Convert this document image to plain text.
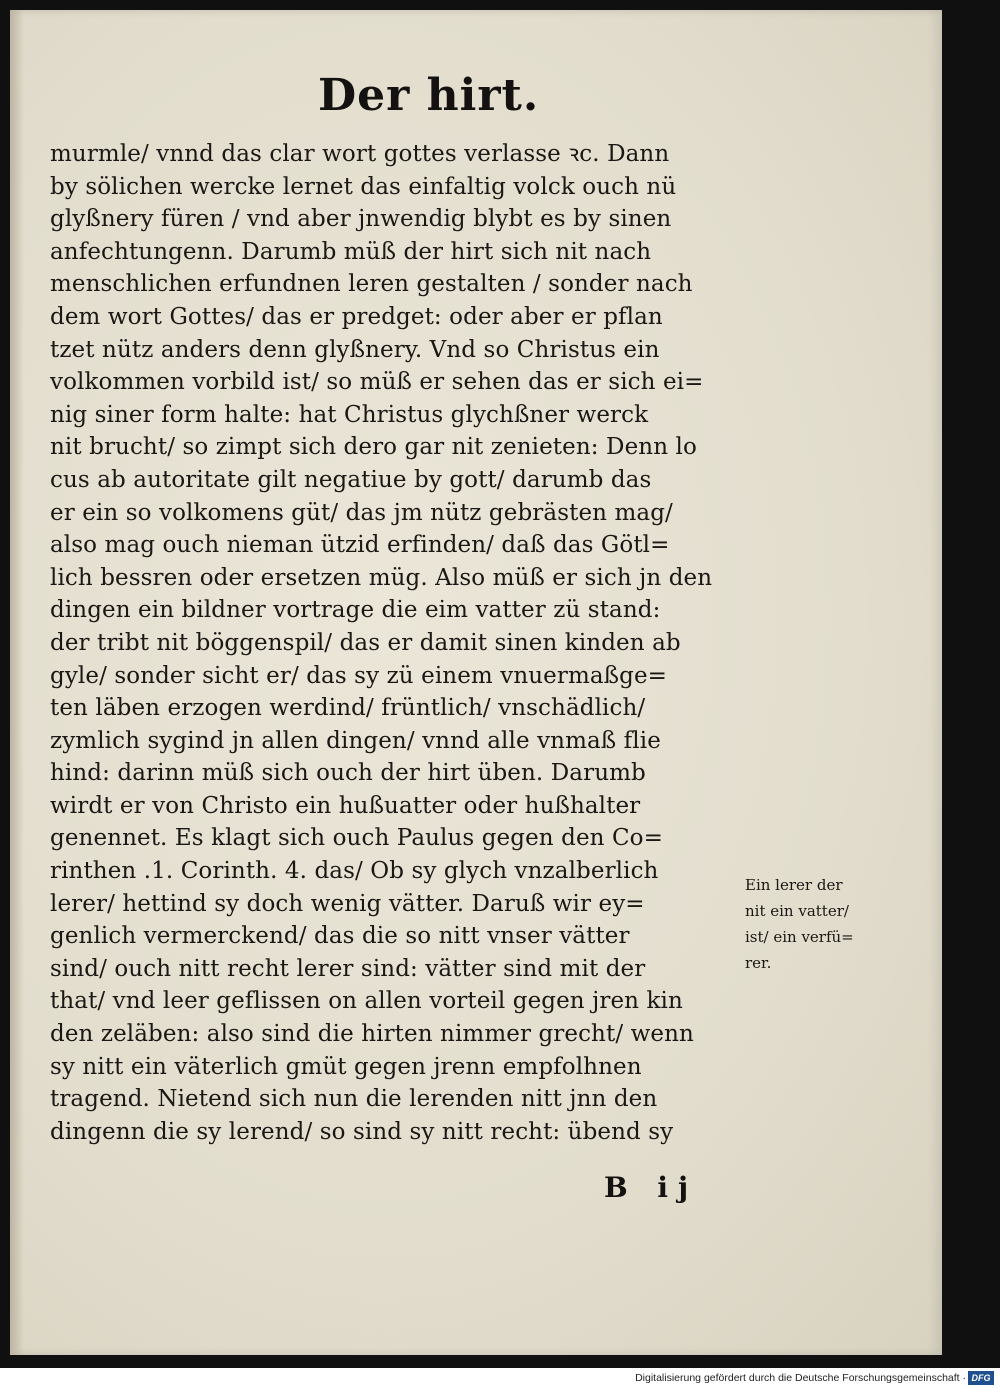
Der hirt.
murmle/ vnnd das clar wort gottes verlasse ꝛc. Dann
by sölichen wercke lernet das einfaltig volck ouch nü
glyßnery füren / vnd aber jnwendig blybt es by sinen
anfechtungenn. Darumb müß der hirt sich nit nach
menschlichen erfundnen leren gestalten / sonder nach
dem wort Gottes/ das er predget: oder aber er pflan
tzet nütz anders denn glyßnery. Vnd so Christus ein
volkommen vorbild ist/ so müß er sehen das er sich ei=
nig siner form halte: hat Christus glychßner werck
nit brucht/ so zimpt sich dero gar nit zenieten: Denn lo
cus ab autoritate gilt negatiue by gott/ darumb das
er ein so volkomens güt/ das jm nütz gebrästen mag/
also mag ouch nieman ützid erfinden/ daß das Götl=
lich bessren oder ersetzen müg. Also müß er sich jn den
dingen ein bildner vortrage die eim vatter zü stand:
der tribt nit böggenspil/ das er damit sinen kinden ab
gyle/ sonder sicht er/ das sy zü einem vnuermaßge=
ten läben erzogen werdind/ früntlich/ vnschädlich/
zymlich sygind jn allen dingen/ vnnd alle vnmaß flie
hind: darinn müß sich ouch der hirt üben. Darumb
wirdt er von Christo ein hußuatter oder hußhalter
genennet. Es klagt sich ouch Paulus gegen den Co=
rinthen .1. Corinth. 4. das/ Ob sy glych vnzalberlich
lerer/ hettind sy doch wenig vätter. Daruß wir ey=
genlich vermerckend/ das die so nitt vnser vätter
sind/ ouch nitt recht lerer sind: vätter sind mit der
that/ vnd leer geflissen on allen vorteil gegen jren kin
den zeläben: also sind die hirten nimmer grecht/ wenn
sy nitt ein väterlich gmüt gegen jrenn empfolhnen
tragend. Nietend sich nun die lerenden nitt jnn den
dingenn die sy lerend/ so sind sy nitt recht: übend sy
Ein lerer der
nit ein vatter/
ist/ ein verfü=
rer.
B ij
Digitalisierung gefördert durch die Deutsche Forschungsgemeinschaft · DFG
